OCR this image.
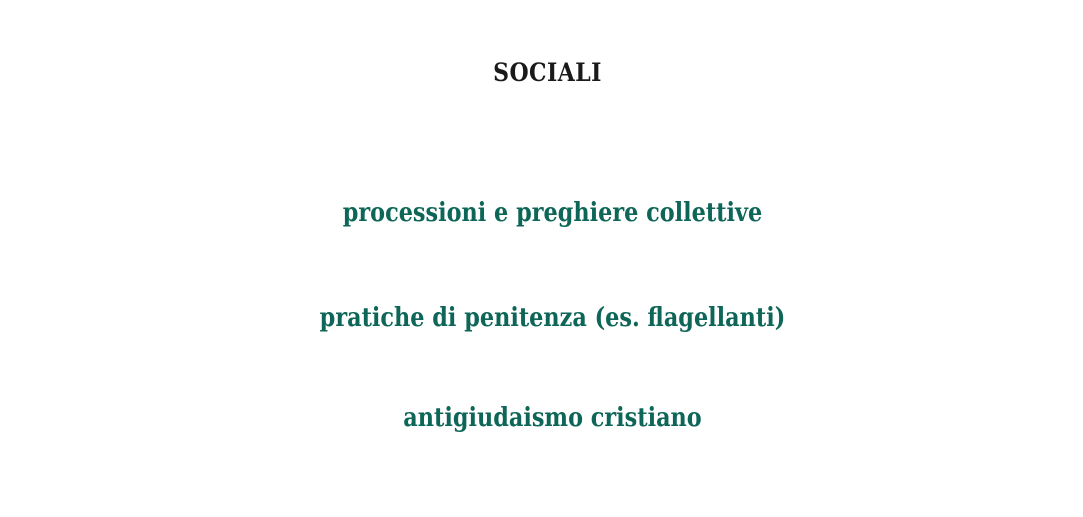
SOCIALI
processioni e preghiere collettive
pratiche di penitenza (es. flagellanti)
antigiudaismo cristiano
